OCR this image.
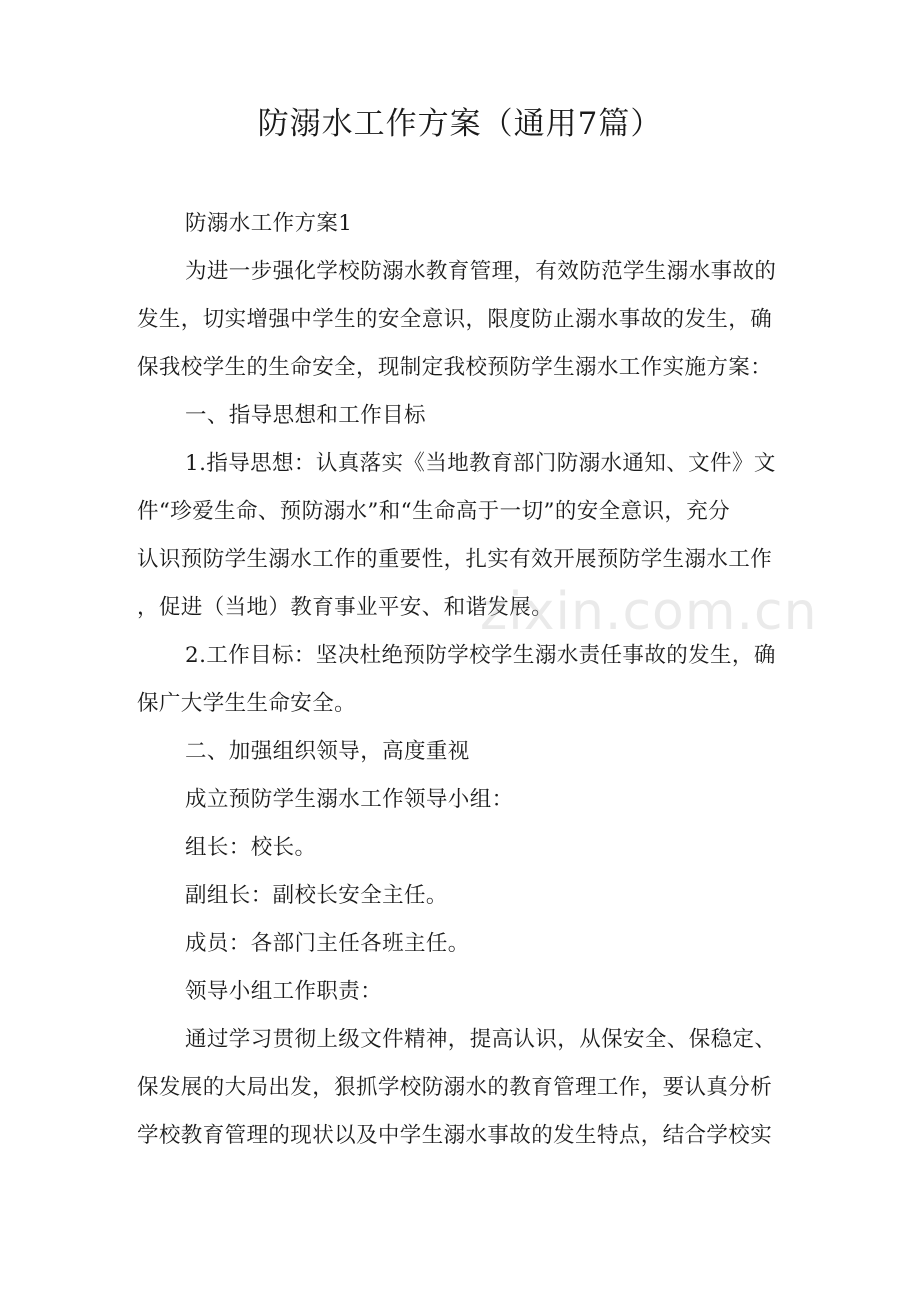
防溺水工作方案（通用7篇）
防溺水工作方案1
为进一步强化学校防溺水教育管理，有效防范学生溺水事故的
发生，切实增强中学生的安全意识，限度防止溺水事故的发生，确
保我校学生的生命安全，现制定我校预防学生溺水工作实施方案：
一、指导思想和工作目标
1.指导思想：认真落实《当地教育部门防溺水通知、文件》文
件“珍爱生命、预防溺水”和“生命高于一切”的安全意识，充分
认识预防学生溺水工作的重要性，扎实有效开展预防学生溺水工作
，促进（当地）教育事业平安、和谐发展。
2.工作目标：坚决杜绝预防学校学生溺水责任事故的发生，确
保广大学生生命安全。
二、加强组织领导，高度重视
成立预防学生溺水工作领导小组：
组长：校长。
副组长：副校长安全主任。
成员：各部门主任各班主任。
领导小组工作职责：
通过学习贯彻上级文件精神，提高认识，从保安全、保稳定、
保发展的大局出发，狠抓学校防溺水的教育管理工作，要认真分析
学校教育管理的现状以及中学生溺水事故的发生特点，结合学校实
zixin.com.cn
